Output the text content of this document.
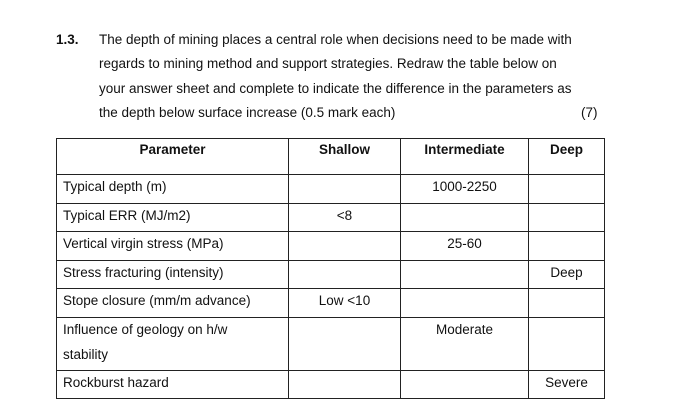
1.3. The depth of mining places a central role when decisions need to be made with
regards to mining method and support strategies. Redraw the table below on
your answer sheet and complete to indicate the difference in the parameters as
the depth below surface increase (0.5 mark each)	(7)
Parameter	Shallow	Intermediate	Deep
Typical depth (m)		1000-2250	
Typical ERR (MJ/m2)	<8		
Vertical virgin stress (MPa)		25-60	
Stress fracturing (intensity)			Deep
Stope closure (mm/m advance)	Low <10		
Influence of geology on h/w
stability		Moderate	
Rockburst hazard			Severe
